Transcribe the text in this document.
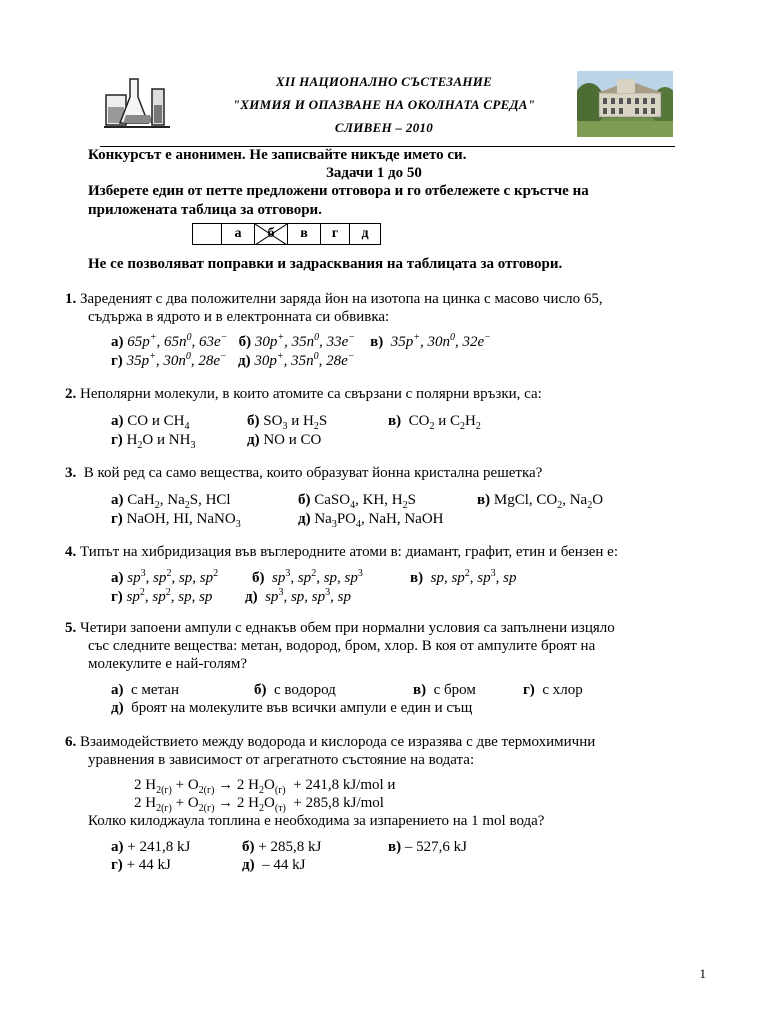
XII НАЦИОНАЛНО СЪСТЕЗАНИЕ
"ХИМИЯ И ОПАЗВАНЕ НА ОКОЛНАТА СРЕДА"
СЛИВЕН – 2010
Конкурсът е анонимен. Не записвайте никъде името си.
Задачи 1 до 50
Изберете един от петте предложени отговора и го отбележете с кръстче на
приложената таблица за отговори.
	а	б	в	г	д
Не се позволяват поправки и задрасквания на таблицата за отговори.
1. Зареденият с два положителни заряда йон на изотопа на цинка с масово число 65,
съдържа в ядрото и в електронната си обвивка:
а) 65p+, $65n^0$, 63e− б) 30p+, $35n^0$, 33e− в) 35p+, $30n^0$, 32e−
г) 35p+, $30n^0$, 28e− д) 30p+, $35n^0$, 28e−
2. Неполярни молекули, в които атомите са свързани с полярни връзки, са:
а) CO и $CH_4$	б) $SO_3$ и $H_2S$	в)  $CO_2$ и $C_2H_2$
г) $H_2O$ и $NH_3$	д) NO и CO
3. В кой ред са само вещества, които образуват йонна кристална решетка?
а) CaH$_2$, $Na_2S$, HCl	б) CaSO$_4$, KH, $H_2S$	в) MgCl, $CO_2$, $Na_2O$
г) NaOH, HI, NaNO$_3$	д) $Na_3PO_4$, NaH, NaOH
4. Типът на хибридизация във въглеродните атоми в: диамант, графит, етин и бензен е:
а) $sp^3$, $sp^2$, sp, $sp^2$ б) $sp^3$, $sp^2$, sp, $sp^3$	в) sp, $sp^2$, $sp^3$, sp
г) $sp^2$, $sp^2$, sp, sp д) $sp^3$, sp, $sp^3$, sp
5. Четири запоени ампули с еднакъв обем при нормални условия са запълнени изцяло
със следните вещества: метан, водород, бром, хлор. В коя от ампулите броят на
молекулите е най-голям?
а) с метан	б) с водород	в) с бром	г) с хлор
д) броят на молекулите във всички ампули е един и същ
6. Взаимодействието между водорода и кислорода се изразява с две термохимични
уравнения в зависимост от агрегатното състояние на водата:
2 $H_{2(г)} + O_{2(г)} \to 2$ $H_2O_{(г)} + 241,8$ kJ/mol и
2 $H_{2(г)} + O_{2(г)} \to 2$ $H_2O_{(т)} + 285,8$ kJ/mol
Колко килоджаула топлина е необходима за изпарението на 1 mol вода?
а) + 241,8 kJ	б) + 285,8 kJ	в) – 527,6 kJ
г) + 44 kJ	д) – 44 kJ
1
